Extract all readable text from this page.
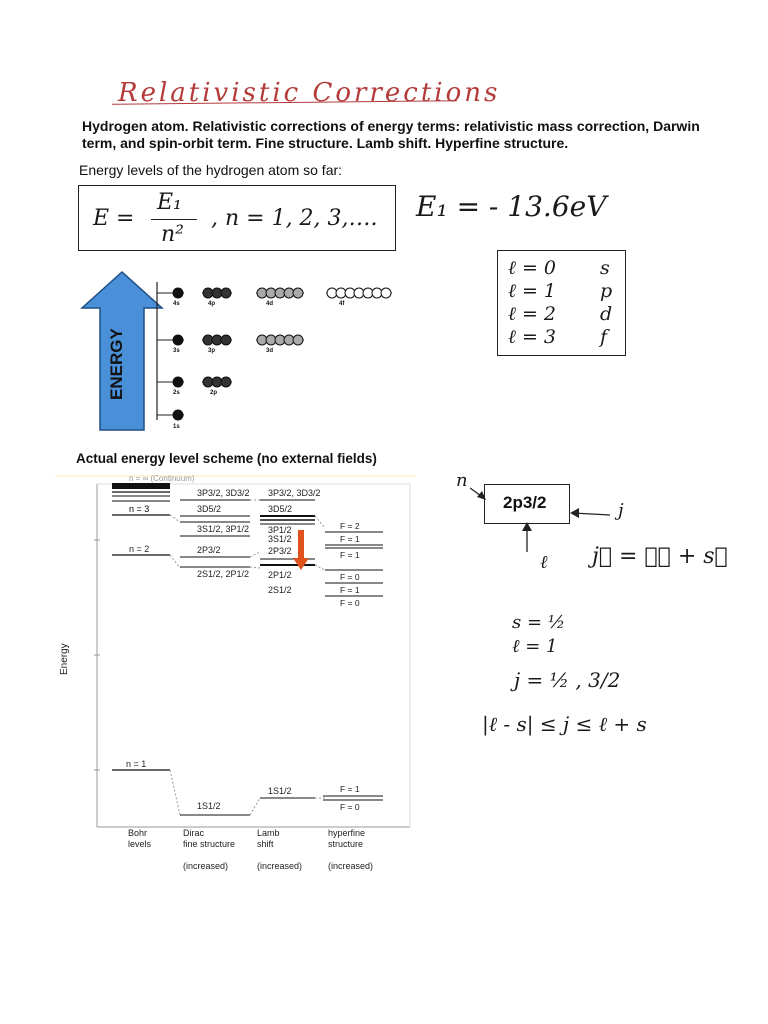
Relativistic Corrections
Hydrogen atom. Relativistic corrections of energy terms: relativistic mass correction, Darwin term, and spin-orbit term. Fine structure. Lamb shift. Hyperfine structure.
Energy levels of the hydrogen atom so far:
E =
E₁
n²
, n = 1, 2, 3,…. E₁ = - 13.6eV
ℓ = 0 s
ℓ = 1 p
ℓ = 2 d
ℓ = 3 f
ENERGY
4s	4p	4d	4f
3s	3p	3d
2s	2p
1s
Actual energy level scheme (no external fields)
Energy
n = ∞ (Continuum)
n = 3
n = 2
n = 1
3P3/2, 3D3/2
3D5/2
3S1/2, 3P1/2
2P3/2
2S1/2, 2P1/2
1S1/2
3P3/2, 3D3/2
3D5/2
3P1/2
3S1/2
2P3/2
2P1/2
2S1/2
1S1/2
F = 2
F = 1
F = 1
F = 0
F = 1
F = 0
F = 1
F = 0
Bohr
levels
Dirac
fine structure

(increased)
Lamb
shift

(increased)
hyperfine
structure

(increased)
n
2p3/2	j
ℓ j⃗ = ℓ⃗ + s⃗
s = ½
ℓ = 1
j = ½ , 3/2
|ℓ - s| ≤ j ≤ ℓ + s
